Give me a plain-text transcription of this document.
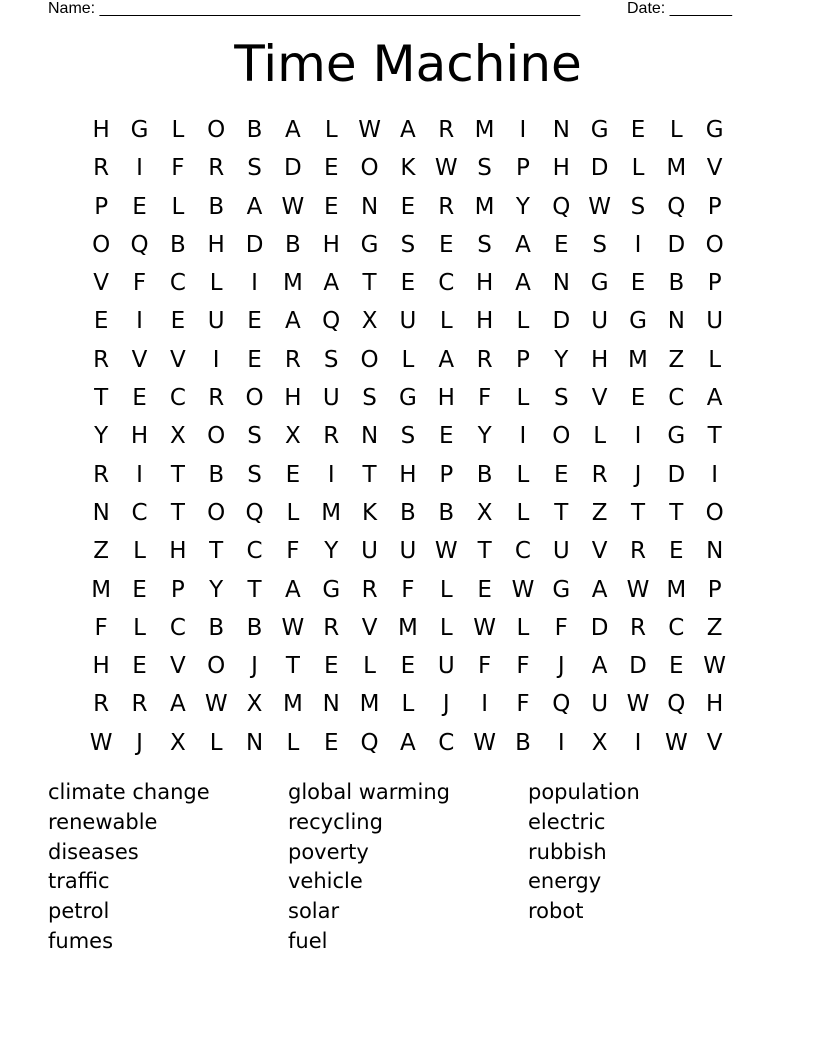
Name: ______________________________________________________	Date: _______
Time Machine
H G	L O B A	L W A R M	I	N G E	L	G
R	I	F	R	S D E O K W S	P H D	L M V
P	E	L	B A W E N E	R M Y Q W S Q P
O Q B H D B H G S	E	S	A	E	S	I	D O
V	F	C	L	I	M A	T	E	C H A N G E	B	P
E	I	E U E	A Q X U	L	H	L	D U G N U
R V V	I	E	R	S O L	A R	P	Y H M Z	L
T	E	C R O H U S G H	F	L	S	V	E	C A
Y H X O S	X R N S	E	Y	I	O L	I	G T
R	I	T	B	S	E	I	T H P	B	L	E	R	J	D	I
N C	T O Q L M K B B X	L	T	Z	T	T O
Z	L	H T	C	F	Y U U W T	C U V R	E N
M E	P	Y	T	A G R	F	L	E W G A W M P
F	L	C B B W R V M L W L	F D R C Z
H E	V O	J	T	E	L	E U	F	F	J	A D E W
R R A W X M N M L	J	I	F Q U W Q H
W	J	X	L	N	L	E Q A C W B	I	X	I	W V
climate change
renewable
diseases
traffic
petrol
fumes
global warming
recycling
poverty
vehicle
solar
fuel
population
electric
rubbish
energy
robot
